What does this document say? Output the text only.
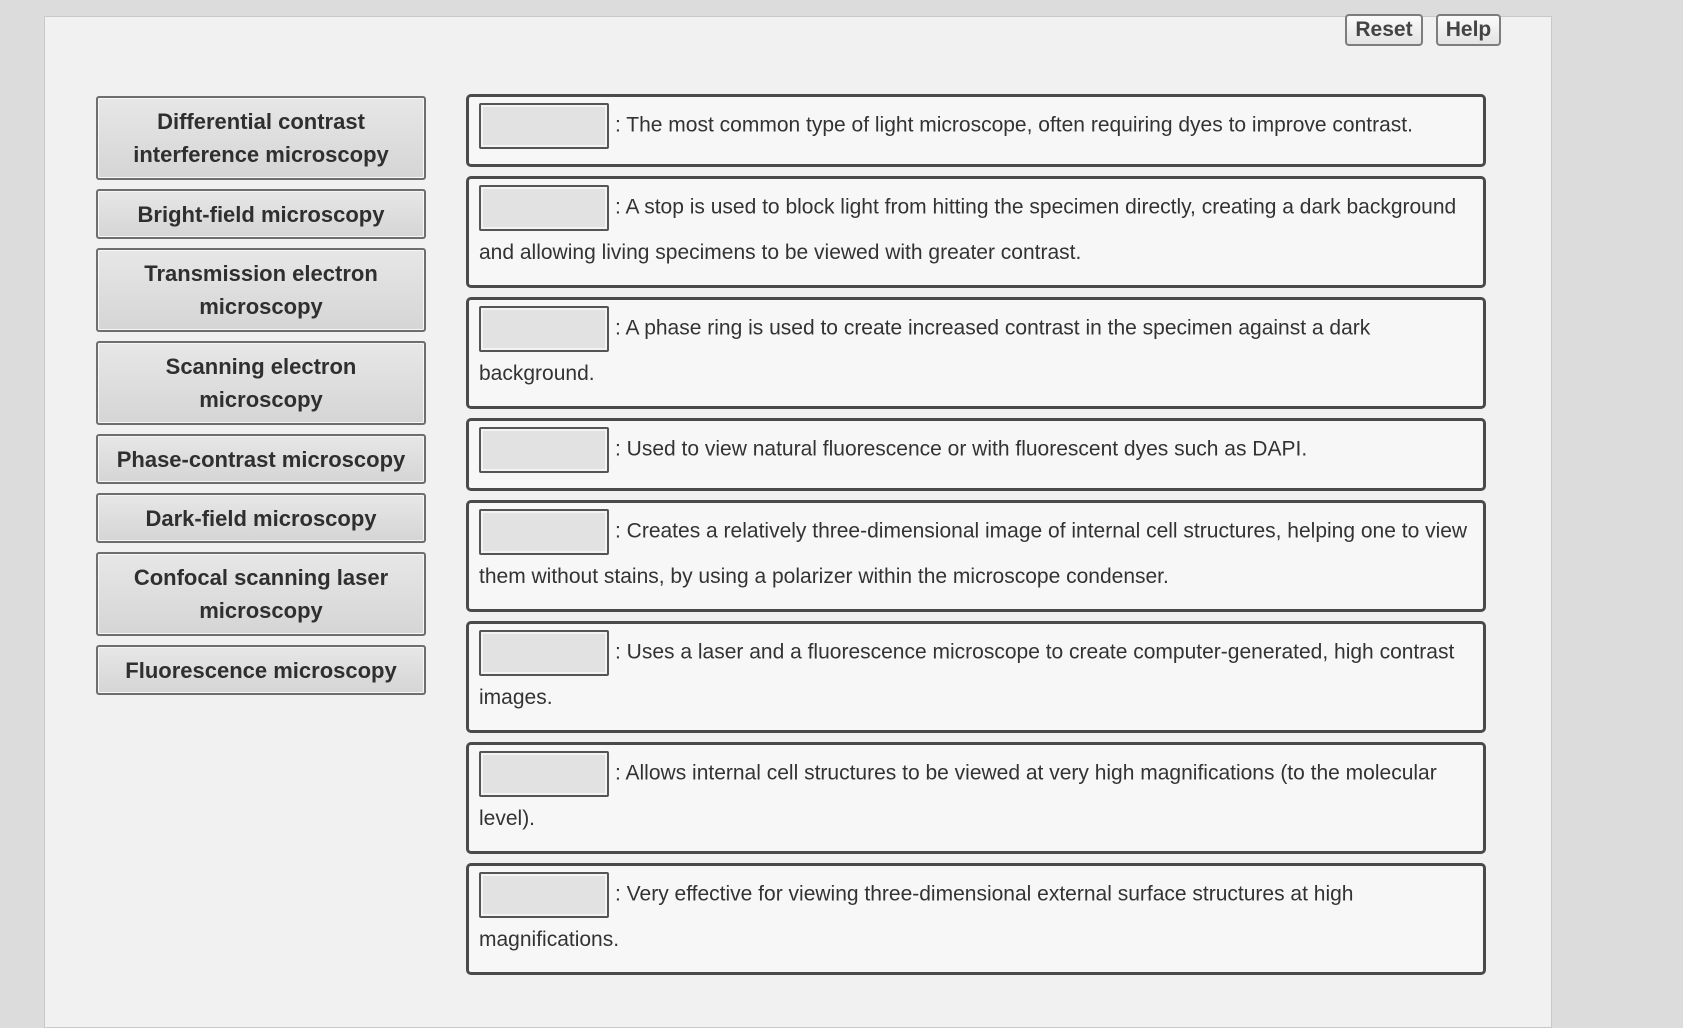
Reset	Help
Differential contrast interference microscopy
Bright-field microscopy
Transmission electron microscopy
Scanning electron microscopy
Phase-contrast microscopy
Dark-field microscopy
Confocal scanning laser microscopy
Fluorescence microscopy
: The most common type of light microscope, often requiring dyes to improve contrast.
: A stop is used to block light from hitting the specimen directly, creating a dark background and allowing living specimens to be viewed with greater contrast.
: A phase ring is used to create increased contrast in the specimen against a dark background.
: Used to view natural fluorescence or with fluorescent dyes such as DAPI.
: Creates a relatively three-dimensional image of internal cell structures, helping one to view them without stains, by using a polarizer within the microscope condenser.
: Uses a laser and a fluorescence microscope to create computer-generated, high contrast images.
: Allows internal cell structures to be viewed at very high magnifications (to the molecular level).
: Very effective for viewing three-dimensional external surface structures at high magnifications.
